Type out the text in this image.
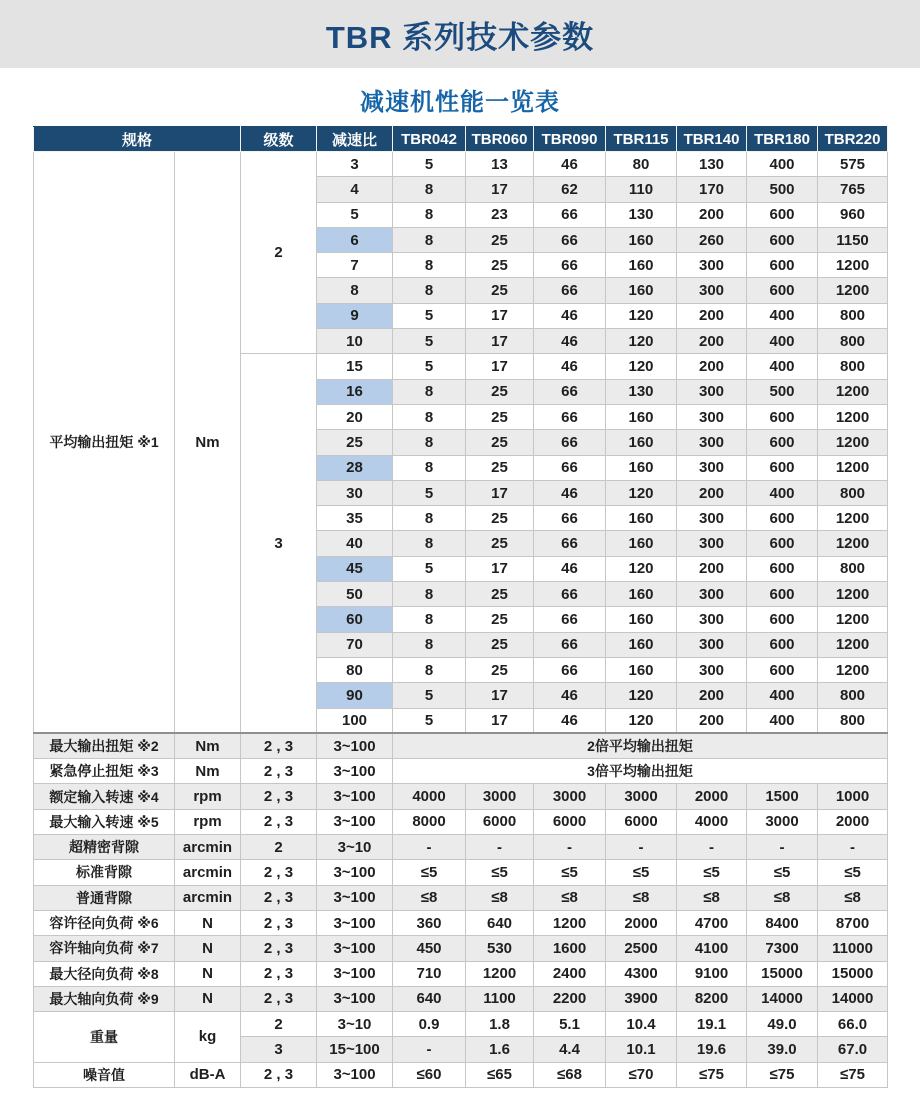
TBR 系列技术参数
减速机性能一览表
规格		级数	减速比	TBR042	TBR060	TBR090	TBR115	TBR140	TBR180	TBR220
平均输出扭矩 ※1	Nm	2	3	5	13	46	80	130	400	575
			4	8	17	62	110	170	500	765
			5	8	23	66	130	200	600	960
			6	8	25	66	160	260	600	1150
			7	8	25	66	160	300	600	1200
			8	8	25	66	160	300	600	1200
			9	5	17	46	120	200	400	800
			10	5	17	46	120	200	400	800
		3	15	5	17	46	120	200	400	800
			16	8	25	66	130	300	500	1200
			20	8	25	66	160	300	600	1200
			25	8	25	66	160	300	600	1200
			28	8	25	66	160	300	600	1200
			30	5	17	46	120	200	400	800
			35	8	25	66	160	300	600	1200
			40	8	25	66	160	300	600	1200
			45	5	17	46	120	200	600	800
			50	8	25	66	160	300	600	1200
			60	8	25	66	160	300	600	1200
			70	8	25	66	160	300	600	1200
			80	8	25	66	160	300	600	1200
			90	5	17	46	120	200	400	800
			100	5	17	46	120	200	400	800
最大输出扭矩 ※2	Nm	2 , 3	3~100	2倍平均输出扭矩						
紧急停止扭矩 ※3	Nm	2 , 3	3~100	3倍平均输出扭矩						
额定输入转速 ※4	rpm	2 , 3	3~100	4000	3000	3000	3000	2000	1500	1000
最大输入转速 ※5	rpm	2 , 3	3~100	8000	6000	6000	6000	4000	3000	2000
超精密背隙	arcmin	2	3~10	-	-	-	-	-	-	-
标准背隙	arcmin	2 , 3	3~100	≤5	≤5	≤5	≤5	≤5	≤5	≤5
普通背隙	arcmin	2 , 3	3~100	≤8	≤8	≤8	≤8	≤8	≤8	≤8
容许径向负荷 ※6	N	2 , 3	3~100	360	640	1200	2000	4700	8400	8700
容许轴向负荷 ※7	N	2 , 3	3~100	450	530	1600	2500	4100	7300	11000
最大径向负荷 ※8	N	2 , 3	3~100	710	1200	2400	4300	9100	15000	15000
最大轴向负荷 ※9	N	2 , 3	3~100	640	1100	2200	3900	8200	14000	14000
重量	kg	2	3~10	0.9	1.8	5.1	10.4	19.1	49.0	66.0
		3	15~100	-	1.6	4.4	10.1	19.6	39.0	67.0
噪音值	dB-A	2 , 3	3~100	≤60	≤65	≤68	≤70	≤75	≤75	≤75
